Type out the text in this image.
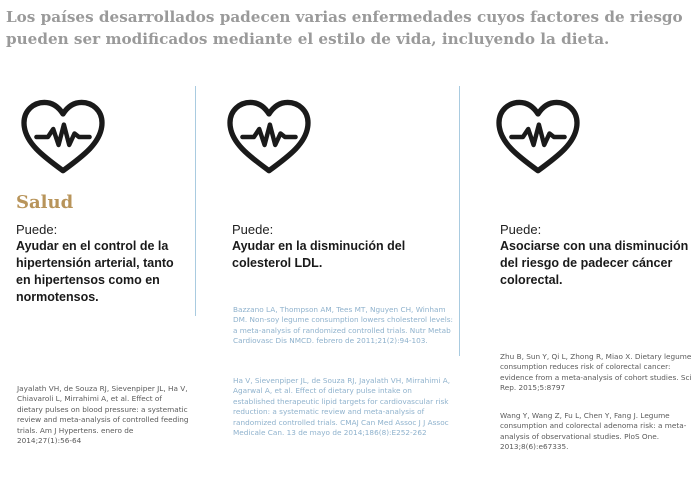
Los países desarrollados padecen varias enfermedades cuyos factores de riesgo pueden ser modificados mediante el estilo de vida, incluyendo la dieta.

Salud

Puede:

Ayudar en el control de la hipertensión arterial, tanto en hipertensos como en normotensos.

Jayalath VH, de Souza RJ, Sievenpiper JL, Ha V, Chiavaroli L, Mirrahimi A, et al. Effect of dietary pulses on blood pressure: a systematic review and meta-analysis of controlled feeding trials. Am J Hypertens. enero de 2014;27(1):56-64

Puede:

Ayudar en la disminución del colesterol LDL.

Bazzano LA, Thompson AM, Tees MT, Nguyen CH, Winham DM. Non-soy legume consumption lowers cholesterol levels: a meta-analysis of randomized controlled trials. Nutr Metab Cardiovasc Dis NMCD. febrero de 2011;21(2):94-103.

Ha V, Sievenpiper JL, de Souza RJ, Jayalath VH, Mirrahimi A, Agarwal A, et al. Effect of dietary pulse intake on established therapeutic lipid targets for cardiovascular risk reduction: a systematic review and meta-analysis of randomized controlled trials. CMAJ Can Med Assoc J J Assoc Medicale Can. 13 de mayo de 2014;186(8):E252-262

Puede:

Asociarse con una disminución del riesgo de padecer cáncer colorectal.

Zhu B, Sun Y, Qi L, Zhong R, Miao X. Dietary legume consumption reduces risk of colorectal cancer: evidence from a meta-analysis of cohort studies. Sci Rep. 2015;5:8797

Wang Y, Wang Z, Fu L, Chen Y, Fang J. Legume consumption and colorectal adenoma risk: a meta-analysis of observational studies. PloS One. 2013;8(6):e67335.
